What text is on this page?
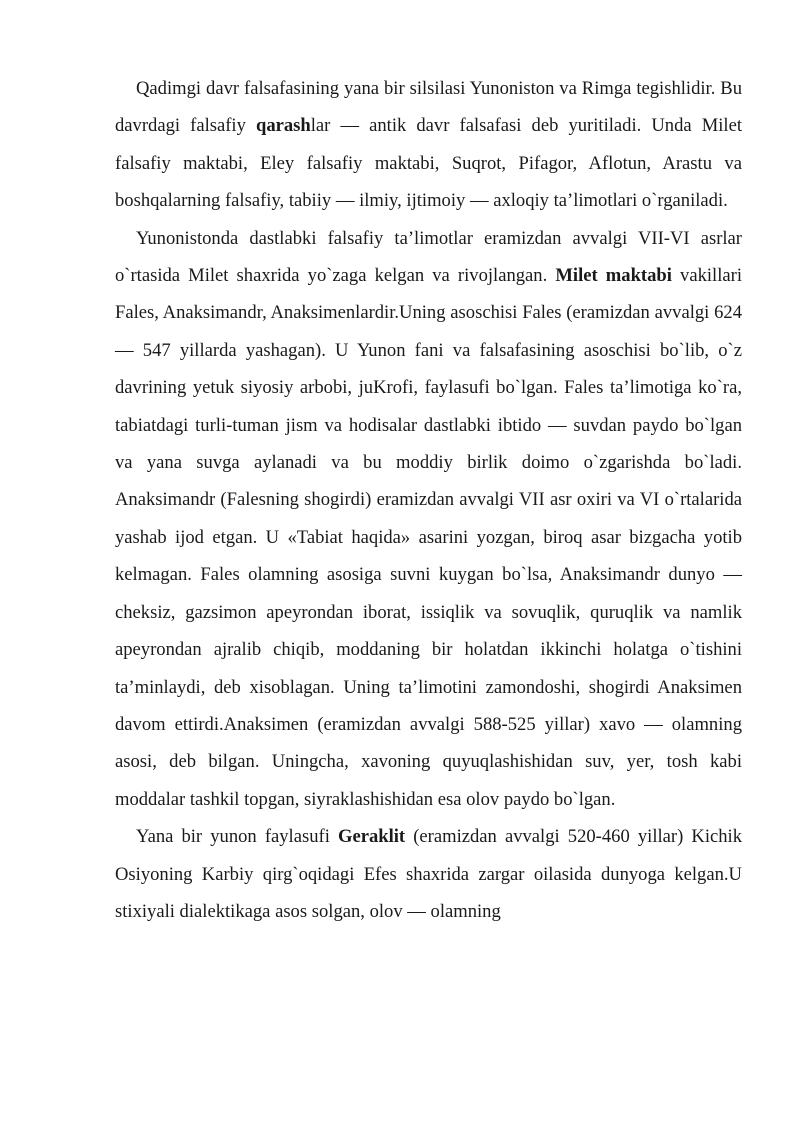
Qadimgi davr falsafasining yana bir silsilasi Yunoniston va Rimga tegishlidir. Bu davrdagi falsafiy qarashlar — antik davr falsafasi deb yuritiladi. Unda Milet falsafiy maktabi, Eley falsafiy maktabi, Suqrot, Pifagor, Aflotun, Arastu va boshqalarning falsafiy, tabiiy — ilmiy, ijtimoiy — axloqiy ta’limotlari o`rganiladi.

Yunonistonda dastlabki falsafiy ta’limotlar eramizdan avvalgi VII-VI asrlar o`rtasida Milet shaxrida yo`zaga kelgan va rivojlangan. Milet maktabi vakillari Fales, Anaksimandr, Anaksimenlardir.Uning asoschisi Fales (eramizdan avvalgi 624 — 547 yillarda yashagan). U Yunon fani va falsafasining asoschisi bo`lib, o`z davrining yetuk siyosiy arbobi, juKrofi, faylasufi bo`lgan. Fales ta’limotiga ko`ra, tabiatdagi turli-tuman jism va hodisalar dastlabki ibtido — suvdan paydo bo`lgan va yana suvga aylanadi va bu moddiy birlik doimo o`zgarishda bo`ladi. Anaksimandr (Falesning shogirdi) eramizdan avvalgi VII asr oxiri va VI o`rtalarida yashab ijod etgan. U «Tabiat haqida» asarini yozgan, biroq asar bizgacha yotib kelmagan. Fales olamning asosiga suvni kuygan bo`lsa, Anaksimandr dunyo — cheksiz, gazsimon apeyrondan iborat, issiqlik va sovuqlik, quruqlik va namlik apeyrondan ajralib chiqib, moddaning bir holatdan ikkinchi holatga o`tishini ta’minlaydi, deb xisoblagan. Uning ta’limotini zamondoshi, shogirdi Anaksimen davom ettirdi.Anaksimen (eramizdan avvalgi 588-525 yillar) xavo — olamning asosi, deb bilgan. Uningcha, xavoning quyuqlashishidan suv, yer, tosh kabi moddalar tashkil topgan, siyraklashishidan esa olov paydo bo`lgan.

Yana bir yunon faylasufi Geraklit (eramizdan avvalgi 520-460 yillar) Kichik Osiyoning Karbiy qirg`oqidagi Efes shaxrida zargar oilasida dunyoga kelgan.U stixiyali dialektikaga asos solgan, olov — olamning
